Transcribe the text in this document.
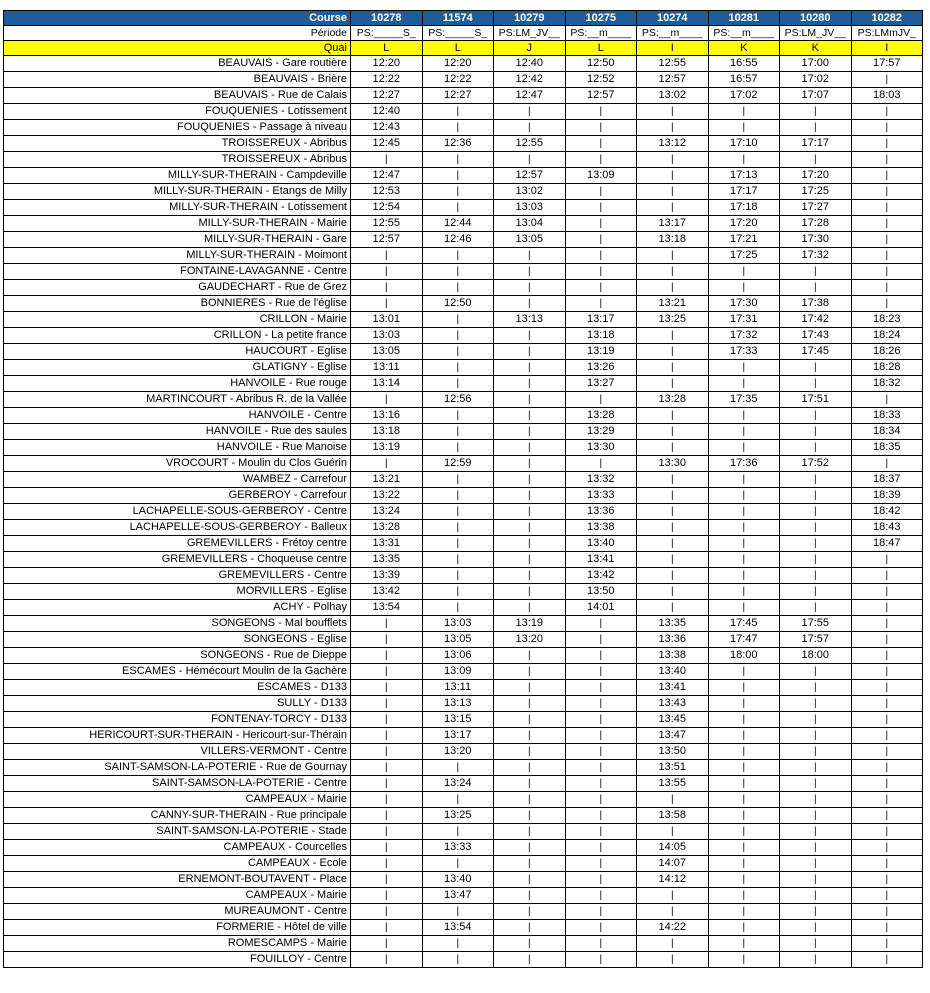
Course	10278	11574	10279	10275	10274	10281	10280	10282
Période	PS:_____S_	PS:_____S_	PS:LM_JV__	PS:__m____	PS:__m____	PS:__m____	PS:LM_JV__	PS:LMmJV_
Quai	L	L	J	L	I	K	K	I
BEAUVAIS - Gare routière	12:20	12:20	12:40	12:50	12:55	16:55	17:00	17:57
BEAUVAIS - Brière	12:22	12:22	12:42	12:52	12:57	16:57	17:02	|
BEAUVAIS - Rue de Calais	12:27	12:27	12:47	12:57	13:02	17:02	17:07	18:03
FOUQUENIES - Lotissement	12:40	|	|	|	|	|	|	|
FOUQUENIES - Passage à niveau	12:43	|	|	|	|	|	|	|
TROISSEREUX - Abribus	12:45	12:36	12:55	|	13:12	17:10	17:17	|
TROISSEREUX - Abribus	|	|	|	|	|	|	|	|
MILLY-SUR-THERAIN - Campdeville	12:47	|	12:57	13:09	|	17:13	17:20	|
MILLY-SUR-THERAIN - Etangs de Milly	12:53	|	13:02	|	|	17:17	17:25	|
MILLY-SUR-THERAIN - Lotissement	12:54	|	13:03	|	|	17:18	17:27	|
MILLY-SUR-THERAIN - Mairie	12:55	12:44	13:04	|	13:17	17:20	17:28	|
MILLY-SUR-THERAIN - Gare	12:57	12:46	13:05	|	13:18	17:21	17:30	|
MILLY-SUR-THERAIN - Moimont	|	|	|	|	|	17:25	17:32	|
FONTAINE-LAVAGANNE - Centre	|	|	|	|	|	|	|	|
GAUDECHART - Rue de Grez	|	|	|	|	|	|	|	|
BONNIERES - Rue de l'église	|	12:50	|	|	13:21	17:30	17:38	|
CRILLON - Mairie	13:01	|	13:13	13:17	13:25	17:31	17:42	18:23
CRILLON - La petite france	13:03	|	|	13:18	|	17:32	17:43	18:24
HAUCOURT - Eglise	13:05	|	|	13:19	|	17:33	17:45	18:26
GLATIGNY - Eglise	13:11	|	|	13:26	|	|	|	18:28
HANVOILE - Rue rouge	13:14	|	|	13:27	|	|	|	18:32
MARTINCOURT - Abribus R. de la Vallée	|	12:56	|	|	13:28	17:35	17:51	|
HANVOILE - Centre	13:16	|	|	13:28	|	|	|	18:33
HANVOILE - Rue des saules	13:18	|	|	13:29	|	|	|	18:34
HANVOILE - Rue Manoise	13:19	|	|	13:30	|	|	|	18:35
VROCOURT - Moulin du Clos Guérin	|	12:59	|	|	13:30	17:36	17:52	|
WAMBEZ - Carrefour	13:21	|	|	13:32	|	|	|	18:37
GERBEROY - Carrefour	13:22	|	|	13:33	|	|	|	18:39
LACHAPELLE-SOUS-GERBEROY - Centre	13:24	|	|	13:36	|	|	|	18:42
LACHAPELLE-SOUS-GERBEROY - Balleux	13:28	|	|	13:38	|	|	|	18:43
GREMEVILLERS - Frétoy centre	13:31	|	|	13:40	|	|	|	18:47
GREMEVILLERS - Choqueuse centre	13:35	|	|	13:41	|	|	|	|
GREMEVILLERS - Centre	13:39	|	|	13:42	|	|	|	|
MORVILLERS - Eglise	13:42	|	|	13:50	|	|	|	|
ACHY - Polhay	13:54	|	|	14:01	|	|	|	|
SONGEONS - Mal boufflets	|	13:03	13:19	|	13:35	17:45	17:55	|
SONGEONS - Eglise	|	13:05	13:20	|	13:36	17:47	17:57	|
SONGEONS - Rue de Dieppe	|	13:06	|	|	13:38	18:00	18:00	|
ESCAMES - Hémécourt Moulin de la Gachère	|	13:09	|	|	13:40	|	|	|
ESCAMES - D133	|	13:11	|	|	13:41	|	|	|
SULLY - D133	|	13:13	|	|	13:43	|	|	|
FONTENAY-TORCY - D133	|	13:15	|	|	13:45	|	|	|
HERICOURT-SUR-THERAIN - Hericourt-sur-Thérain	|	13:17	|	|	13:47	|	|	|
VILLERS-VERMONT - Centre	|	13:20	|	|	13:50	|	|	|
SAINT-SAMSON-LA-POTERIE - Rue de Gournay	|	|	|	|	13:51	|	|	|
SAINT-SAMSON-LA-POTERIE - Centre	|	13:24	|	|	13:55	|	|	|
CAMPEAUX - Mairie	|	|	|	|	|	|	|	|
CANNY-SUR-THERAIN - Rue principale	|	13:25	|	|	13:58	|	|	|
SAINT-SAMSON-LA-POTERIE - Stade	|	|	|	|	|	|	|	|
CAMPEAUX - Courcelles	|	13:33	|	|	14:05	|	|	|
CAMPEAUX - Ecole	|	|	|	|	14:07	|	|	|
ERNEMONT-BOUTAVENT - Place	|	13:40	|	|	14:12	|	|	|
CAMPEAUX - Mairie	|	13:47	|	|	|	|	|	|
MUREAUMONT - Centre	|	|	|	|	|	|	|	|
FORMERIE - Hôtel de ville	|	13:54	|	|	14:22	|	|	|
ROMESCAMPS - Mairie	|	|	|	|	|	|	|	|
FOUILLOY - Centre	|	|	|	|	|	|	|	|
